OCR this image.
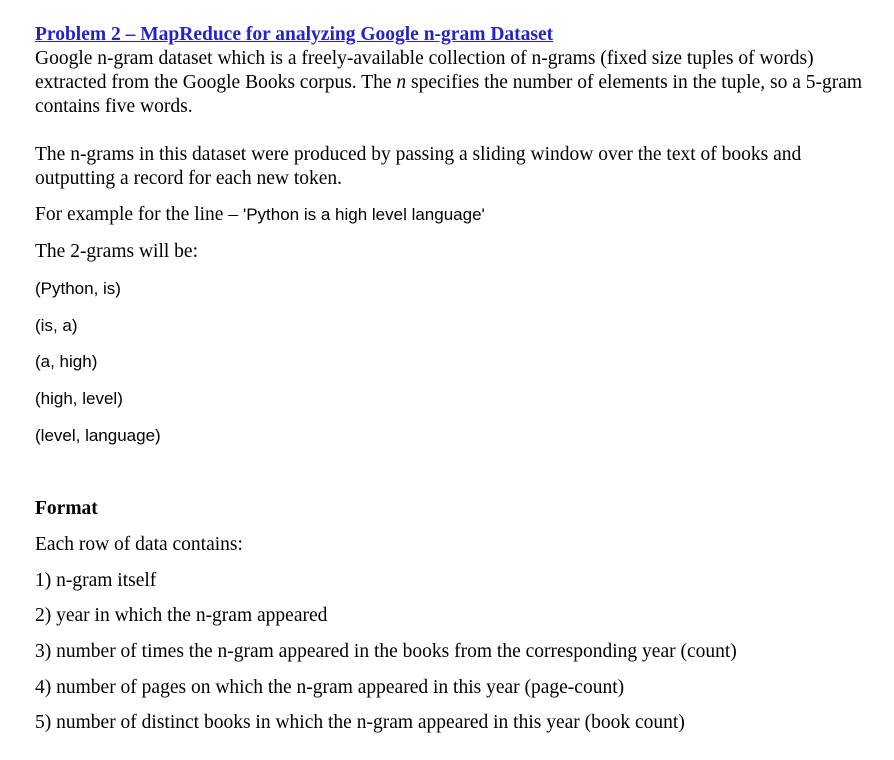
Problem 2 – MapReduce for analyzing Google n-gram Dataset
Google n-gram dataset which is a freely-available collection of n-grams (fixed size tuples of words) extracted from the Google Books corpus. The n specifies the number of elements in the tuple, so a 5-gram contains five words.
The n-grams in this dataset were produced by passing a sliding window over the text of books and outputting a record for each new token.
For example for the line – 'Python is a high level language'
The 2-grams will be:
(Python, is)
(is, a)
(a, high)
(high, level)
(level, language)
Format
Each row of data contains:
1) n-gram itself
2) year in which the n-gram appeared
3) number of times the n-gram appeared in the books from the corresponding year (count)
4) number of pages on which the n-gram appeared in this year (page-count)
5) number of distinct books in which the n-gram appeared in this year (book count)
